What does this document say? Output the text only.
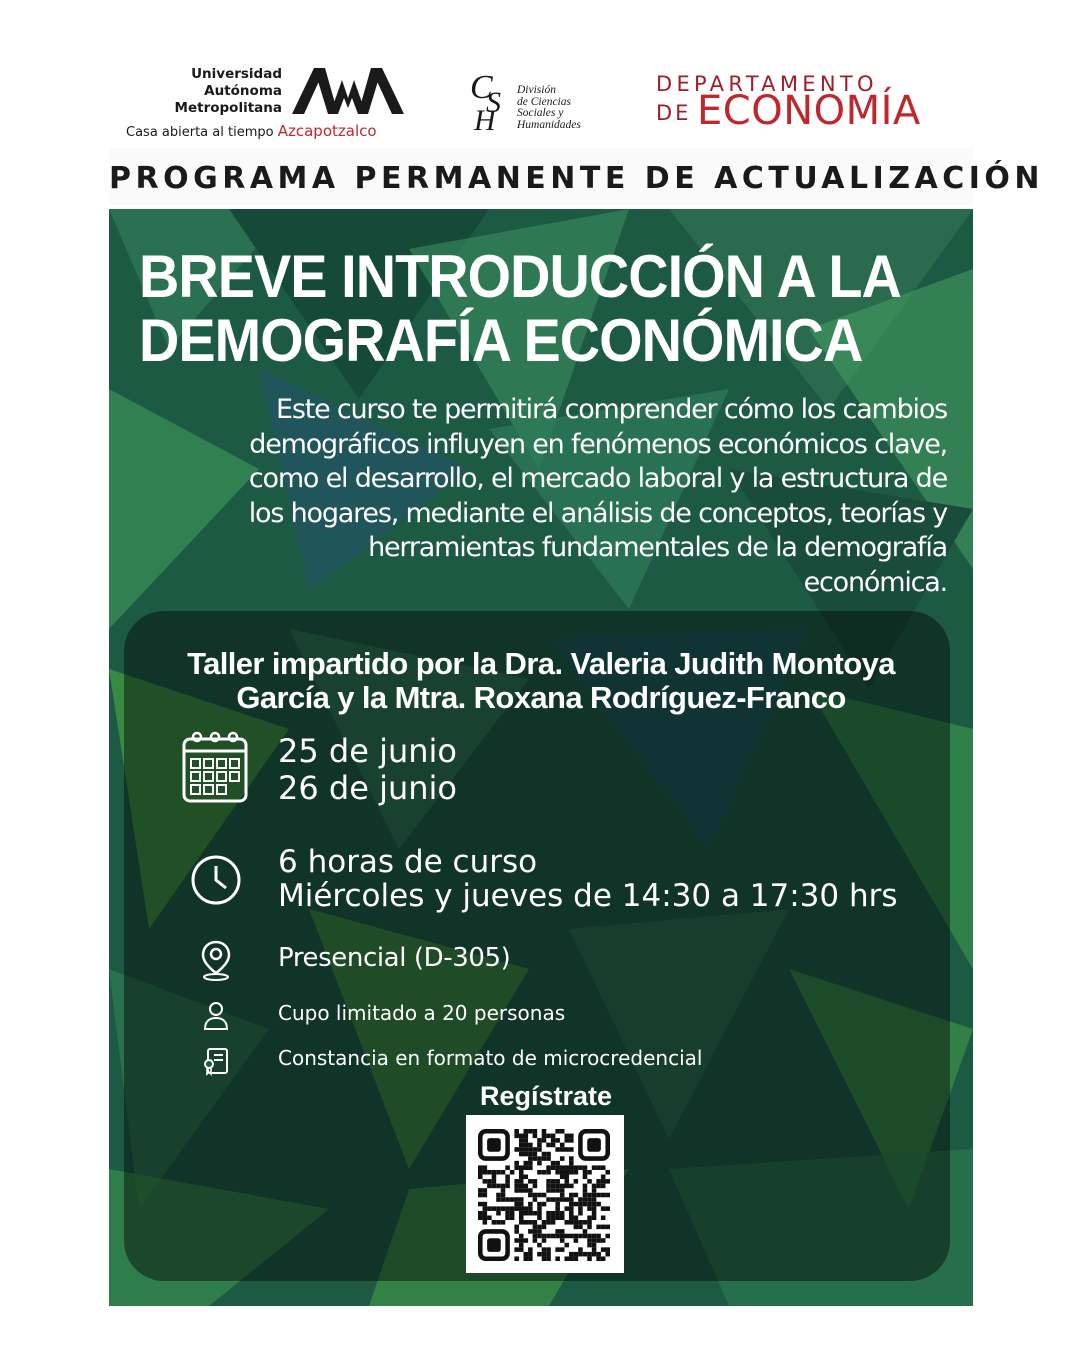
Universidad
Autónoma
Metropolitana
Casa abierta al tiempo Azcapotzalco
C
S
H
División
de Ciencias
Sociales y
Humanidades
DEPARTAMENTO
DE ECONOMÍA
PROGRAMA PERMANENTE DE ACTUALIZACIÓN
BREVE INTRODUCCIÓN A LA
DEMOGRAFÍA ECONÓMICA
Este curso te permitirá comprender cómo los cambios
demográficos influyen en fenómenos económicos clave,
como el desarrollo, el mercado laboral y la estructura de
los hogares, mediante el análisis de conceptos, teorías y
herramientas fundamentales de la demografía
económica.
Taller impartido por la Dra. Valeria Judith Montoya
García y la Mtra. Roxana Rodríguez-Franco
25 de junio
26 de junio
6 horas de curso
Miércoles y jueves de 14:30 a 17:30 hrs
Presencial (D-305)
Cupo limitado a 20 personas
Constancia en formato de microcredencial
Regístrate
